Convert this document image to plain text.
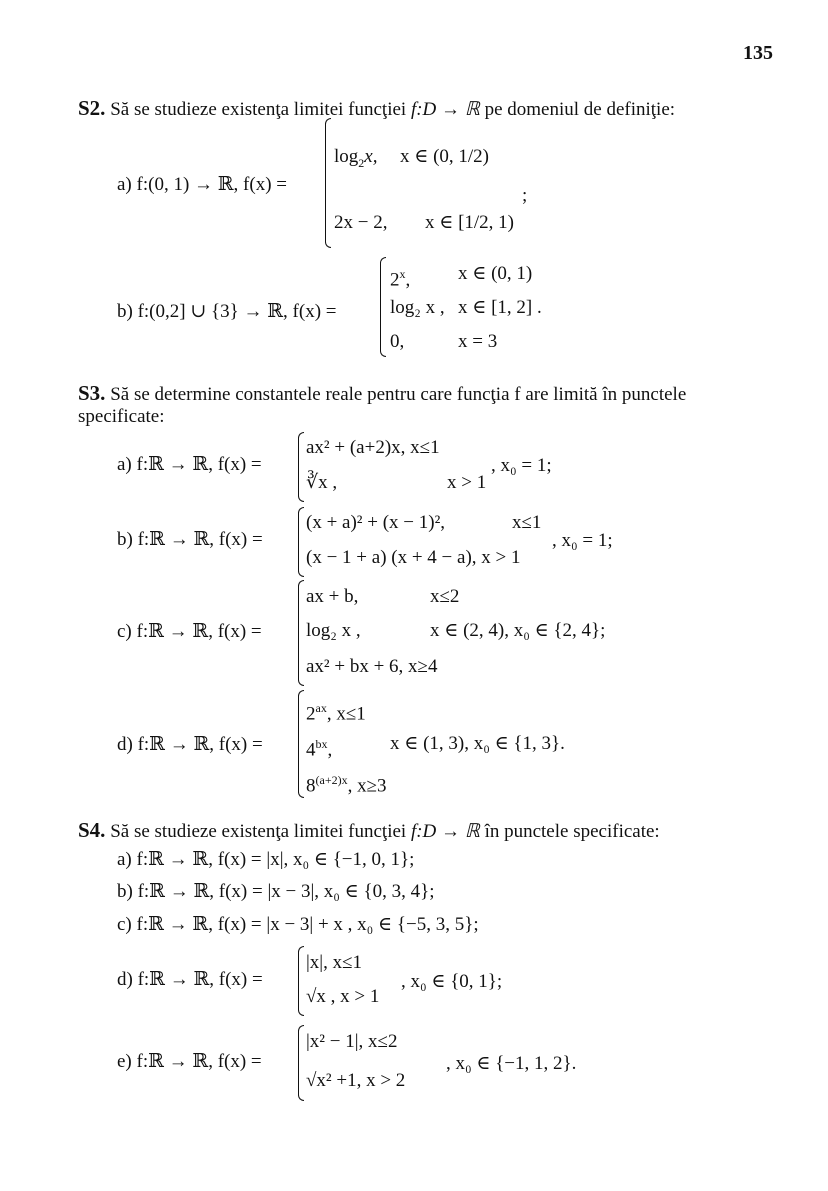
135
S2. Să se studieze existenţa limitei funcţiei f:D → ℝ pe domeniul de definiţie:
a) f:(0, 1) → ℝ, f(x) =
$\log_2x$, x ∈ (0, 1/2)
2x − 2, x ∈ [1/2, 1)
;
b) f:(0,2] ∪ {3} → ℝ, f(x) =
$2^x$,	x ∈ (0, 1)
log₂ x , x ∈ [1, 2] .
0,	x = 3
S3. Să se determine constantele reale pentru care funcţia f are limită în punctele
specificate:
a) f:ℝ → ℝ, f(x) =
ax² + (a+2)x, x≤1
∛x ,	x > 1
, x₀ = 1;
b) f:ℝ → ℝ, f(x) =
(x + a)² + (x − 1)²,	x≤1
(x − 1 + a) (x + 4 − a), x > 1
, x₀ = 1;
c) f:ℝ → ℝ, f(x) =
ax + b,	x≤2
log₂ x ,	x ∈ (2, 4), x₀ ∈ {2, 4};
ax² + bx + 6, x≥4
d) f:ℝ → ℝ, f(x) =
$2^{ax}$, x≤1
$4^{bx}$,	x ∈ (1, 3), x₀ ∈ {1, 3}.
$8^{(a+2)x}$, x≥3
S4. Să se studieze existenţa limitei funcţiei f:D → ℝ în punctele specificate:
a) f:ℝ → ℝ, f(x) = |x|, x₀ ∈ {−1, 0, 1};
b) f:ℝ → ℝ, f(x) = |x − 3|, x₀ ∈ {0, 3, 4};
c) f:ℝ → ℝ, f(x) = |x − 3| + x , x₀ ∈ {−5, 3, 5};
d) f:ℝ → ℝ, f(x) =
|x|, x≤1
√x , x > 1
, x₀ ∈ {0, 1};
e) f:ℝ → ℝ, f(x) =
|x² − 1|, x≤2
√x² +1, x > 2
, x₀ ∈ {−1, 1, 2}.
